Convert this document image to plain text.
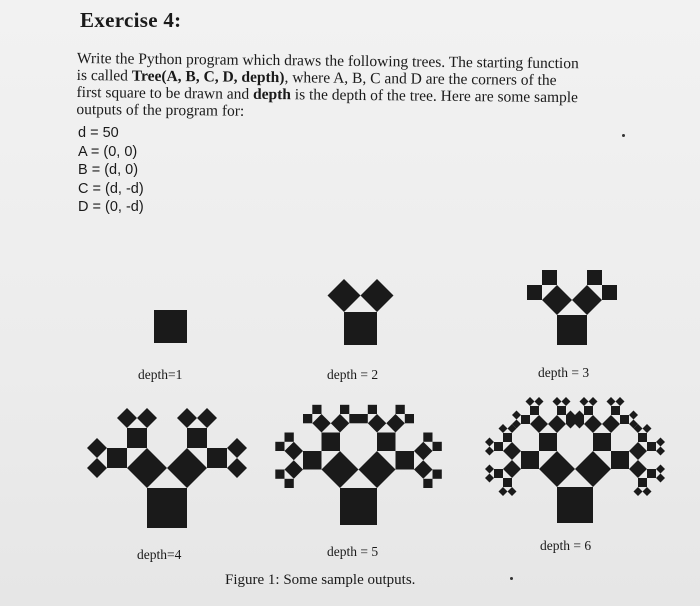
Exercise 4:
Write the Python program which draws the following trees. The starting function is called Tree(A, B, C, D, depth), where A, B, C and D are the corners of the first square to be drawn and depth is the depth of the tree. Here are some sample outputs of the program for:
d = 50
A = (0, 0)
B = (d, 0)
C = (d, -d)
D = (0, -d)
depth=1	depth = 2	depth = 3
depth=4	depth = 5	depth = 6
Figure 1: Some sample outputs.
